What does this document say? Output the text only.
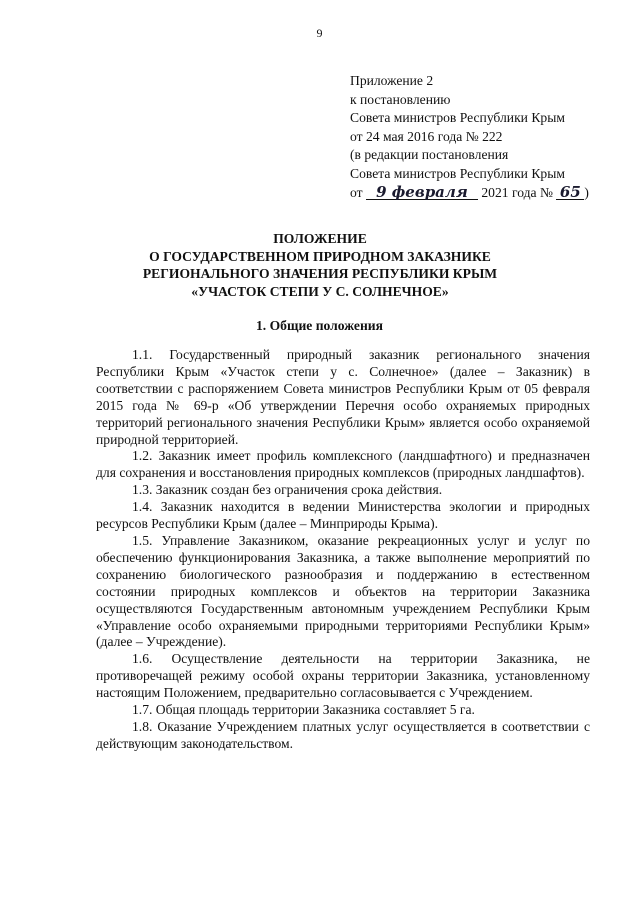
9
Приложение 2
к постановлению
Совета министров Республики Крым
от 24 мая 2016 года № 222
(в редакции постановления
Совета министров Республики Крым
от 9 февраля 2021 года № 65 )
ПОЛОЖЕНИЕ
О ГОСУДАРСТВЕННОМ ПРИРОДНОМ ЗАКАЗНИКЕ
РЕГИОНАЛЬНОГО ЗНАЧЕНИЯ РЕСПУБЛИКИ КРЫМ
«УЧАСТОК СТЕПИ У С. СОЛНЕЧНОЕ»
1. Общие положения

1.1. Государственный природный заказник регионального значения Республики Крым «Участок степи у с. Солнечное» (далее – Заказник) в соответствии с распоряжением Совета министров Республики Крым от 05 февраля 2015 года № 69-р «Об утверждении Перечня особо охраняемых природных территорий регионального значения Республики Крым» является особо охраняемой природной территорией.

1.2. Заказник имеет профиль комплексного (ландшафтного) и предназначен для сохранения и восстановления природных комплексов (природных ландшафтов).

1.3. Заказник создан без ограничения срока действия.

1.4. Заказник находится в ведении Министерства экологии и природных ресурсов Республики Крым (далее – Минприроды Крыма).

1.5. Управление Заказником, оказание рекреационных услуг и услуг по обеспечению функционирования Заказника, а также выполнение мероприятий по сохранению биологического разнообразия и поддержанию в естественном состоянии природных комплексов и объектов на территории Заказника осуществляются Государственным автономным учреждением Республики Крым «Управление особо охраняемыми природными территориями Республики Крым» (далее – Учреждение).

1.6. Осуществление деятельности на территории Заказника, не противоречащей режиму особой охраны территории Заказника, установленному настоящим Положением, предварительно согласовывается с Учреждением.

1.7. Общая площадь территории Заказника составляет 5 га.

1.8. Оказание Учреждением платных услуг осуществляется в соответствии с действующим законодательством.
